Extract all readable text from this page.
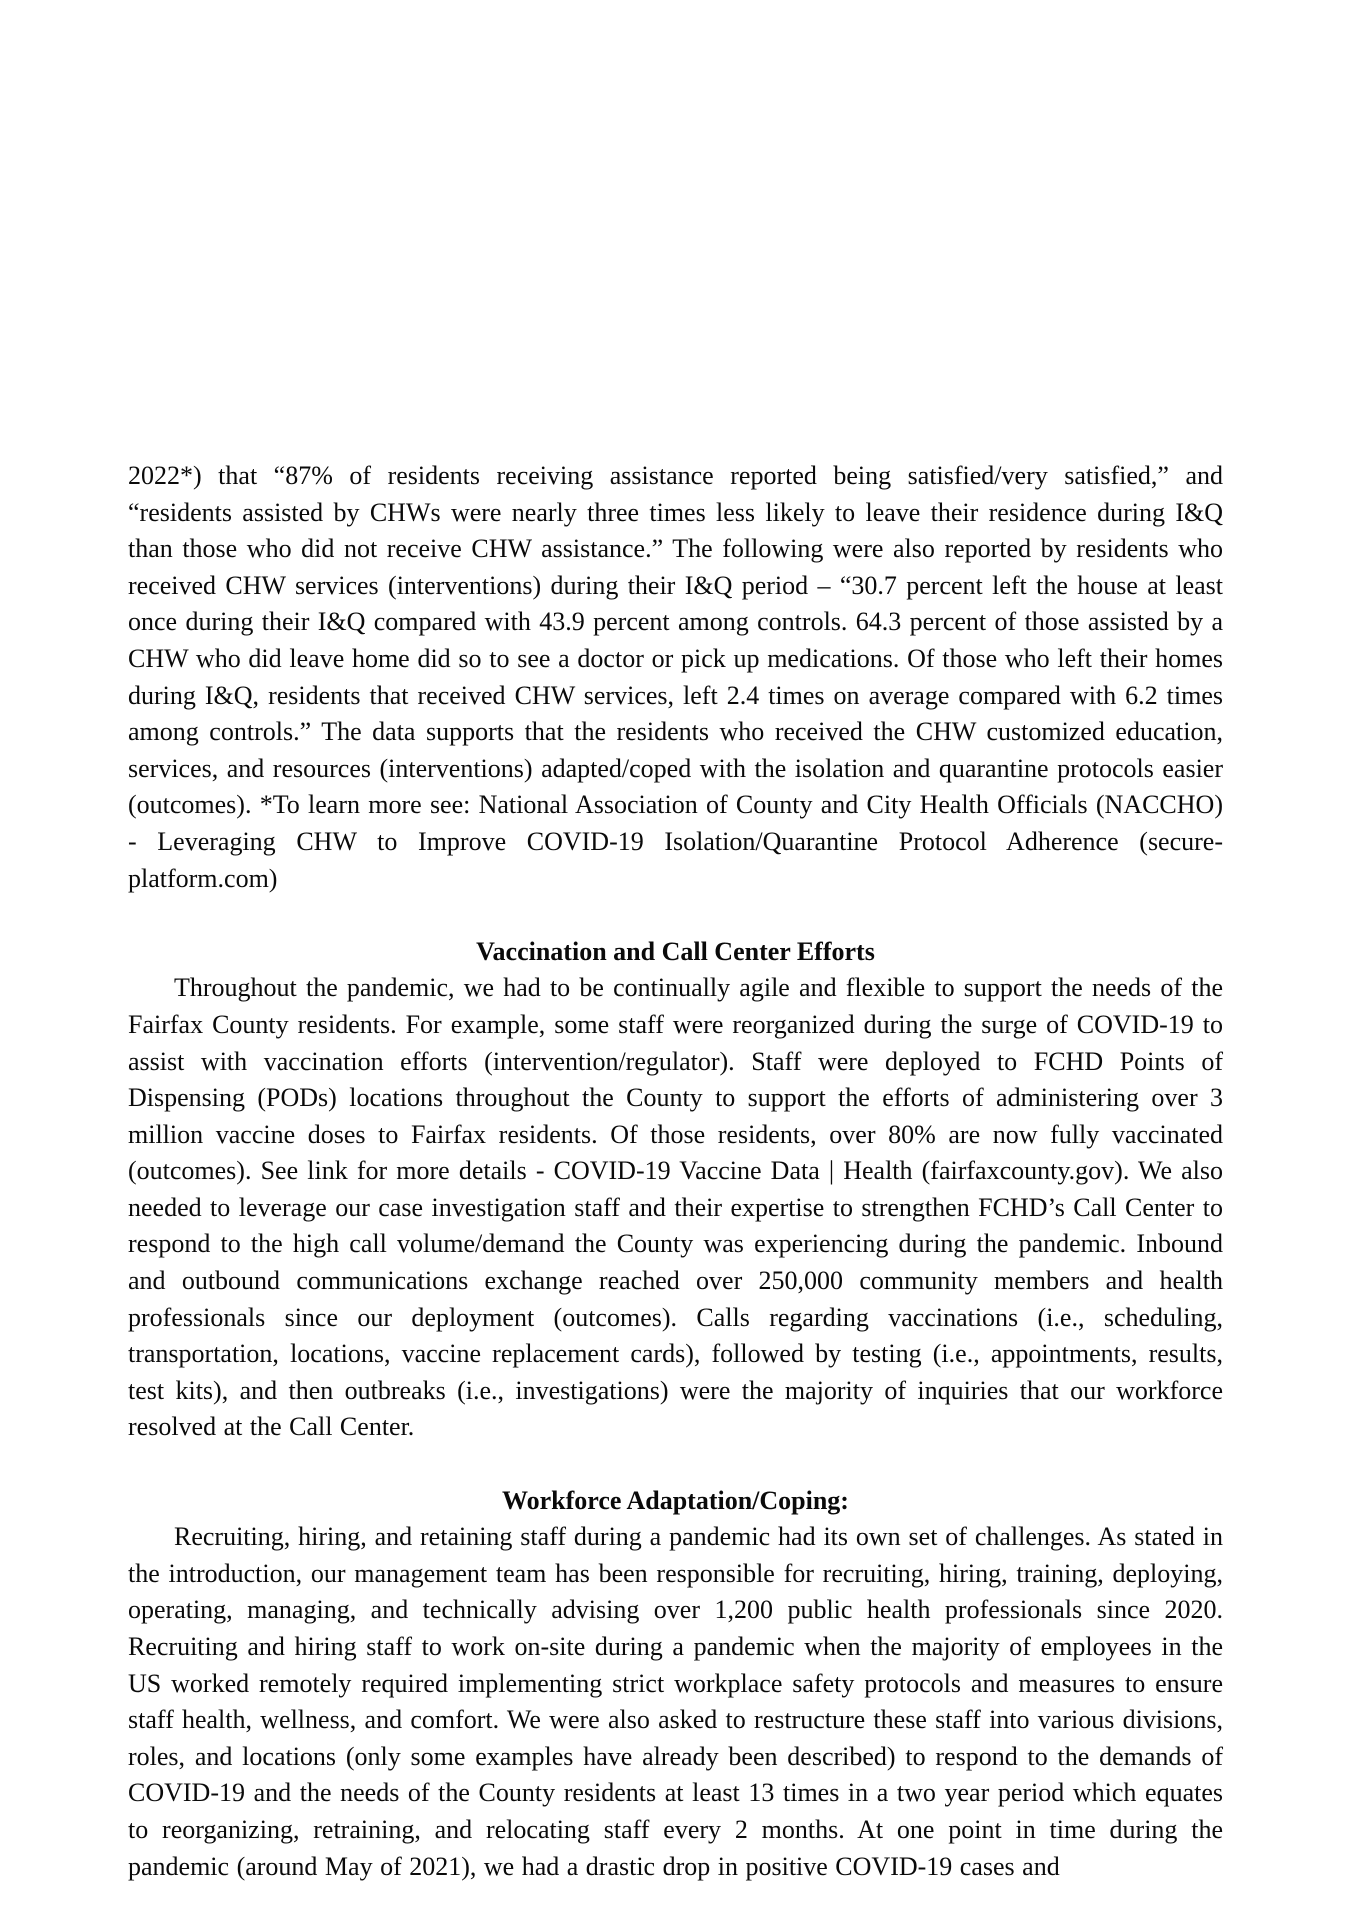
2022*) that “87% of residents receiving assistance reported being satisfied/very satisfied,” and “residents assisted by CHWs were nearly three times less likely to leave their residence during I&Q than those who did not receive CHW assistance.” The following were also reported by residents who received CHW services (interventions) during their I&Q period – “30.7 percent left the house at least once during their I&Q compared with 43.9 percent among controls. 64.3 percent of those assisted by a CHW who did leave home did so to see a doctor or pick up medications. Of those who left their homes during I&Q, residents that received CHW services, left 2.4 times on average compared with 6.2 times among controls.” The data supports that the residents who received the CHW customized education, services, and resources (interventions) adapted/coped with the isolation and quarantine protocols easier (outcomes). *To learn more see: National Association of County and City Health Officials (NACCHO) - Leveraging CHW to Improve COVID-19 Isolation/Quarantine Protocol Adherence (secure-platform.com)

Vaccination and Call Center Efforts

Throughout the pandemic, we had to be continually agile and flexible to support the needs of the Fairfax County residents. For example, some staff were reorganized during the surge of COVID-19 to assist with vaccination efforts (intervention/regulator). Staff were deployed to FCHD Points of Dispensing (PODs) locations throughout the County to support the efforts of administering over 3 million vaccine doses to Fairfax residents. Of those residents, over 80% are now fully vaccinated (outcomes). See link for more details - COVID-19 Vaccine Data | Health (fairfaxcounty.gov). We also needed to leverage our case investigation staff and their expertise to strengthen FCHD’s Call Center to respond to the high call volume/demand the County was experiencing during the pandemic. Inbound and outbound communications exchange reached over 250,000 community members and health professionals since our deployment (outcomes). Calls regarding vaccinations (i.e., scheduling, transportation, locations, vaccine replacement cards), followed by testing (i.e., appointments, results, test kits), and then outbreaks (i.e., investigations) were the majority of inquiries that our workforce resolved at the Call Center.

Workforce Adaptation/Coping:

Recruiting, hiring, and retaining staff during a pandemic had its own set of challenges. As stated in the introduction, our management team has been responsible for recruiting, hiring, training, deploying, operating, managing, and technically advising over 1,200 public health professionals since 2020. Recruiting and hiring staff to work on-site during a pandemic when the majority of employees in the US worked remotely required implementing strict workplace safety protocols and measures to ensure staff health, wellness, and comfort. We were also asked to restructure these staff into various divisions, roles, and locations (only some examples have already been described) to respond to the demands of COVID-19 and the needs of the County residents at least 13 times in a two year period which equates to reorganizing, retraining, and relocating staff every 2 months. At one point in time during the pandemic (around May of 2021), we had a drastic drop in positive COVID-19 cases and
